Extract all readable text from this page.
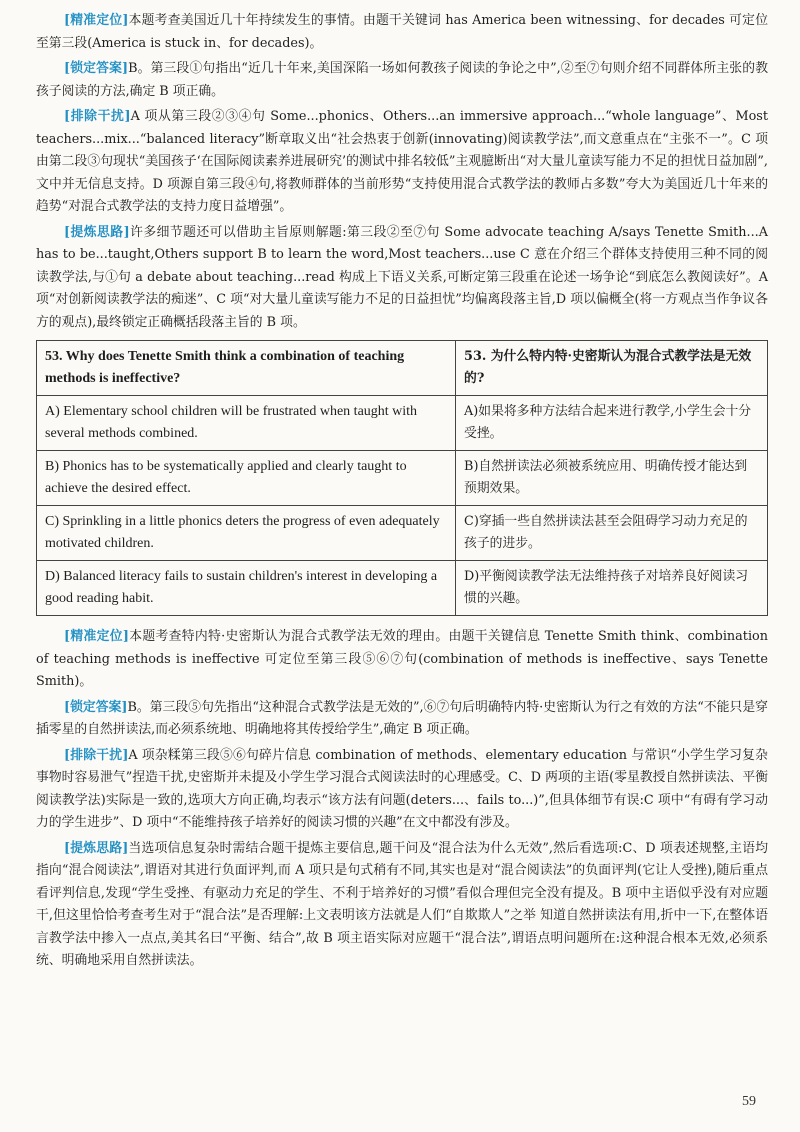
[精准定位]本题考查美国近几十年持续发生的事情。由题干关键词 has America been witnessing、for decades 可定位至第三段(America is stuck in、for decades)。

[锁定答案]B。第三段①句指出“近几十年来,美国深陷一场如何教孩子阅读的争论之中”,②至⑦句则介绍不同群体所主张的教孩子阅读的方法,确定 B 项正确。

[排除干扰]A 项从第三段②③④句 Some...phonics、Others...an immersive approach...“whole language”、Most teachers...mix...“balanced literacy”断章取义出“社会热衷于创新(innovating)阅读教学法”,而文意重点在“主张不一”。C 项由第二段③句现状“美国孩子‘在国际阅读素养进展研究’的测试中排名较低”主观臆断出“对大量儿童读写能力不足的担忧日益加剧”,文中并无信息支持。D 项源自第三段④句,将教师群体的当前形势“支持使用混合式教学法的教师占多数”夸大为美国近几十年来的趋势“对混合式教学法的支持力度日益增强”。

[提炼思路]许多细节题还可以借助主旨原则解题:第三段②至⑦句 Some advocate teaching A/says Tenette Smith...A has to be...taught,Others support B to learn the word,Most teachers...use C 意在介绍三个群体支持使用三种不同的阅读教学法,与①句 a debate about teaching...read 构成上下语义关系,可断定第三段重在论述一场争论“到底怎么教阅读好”。A 项“对创新阅读教学法的痴迷”、C 项“对大量儿童读写能力不足的日益担忧”均偏离段落主旨,D 项以偏概全(将一方观点当作争议各方的观点),最终锁定正确概括段落主旨的 B 项。

53. Why does Tenette Smith think a combination of teaching methods is ineffective?	53. 为什么特内特·史密斯认为混合式教学法是无效的?
A) Elementary school children will be frustrated when taught with several methods combined.	A)如果将多种方法结合起来进行教学,小学生会十分受挫。
B) Phonics has to be systematically applied and clearly taught to achieve the desired effect.	B)自然拼读法必须被系统应用、明确传授才能达到预期效果。
C) Sprinkling in a little phonics deters the progress of even adequately motivated children.	C)穿插一些自然拼读法甚至会阻碍学习动力充足的孩子的进步。
D) Balanced literacy fails to sustain children's interest in developing a good reading habit.	D)平衡阅读教学法无法维持孩子对培养良好阅读习惯的兴趣。

[精准定位]本题考查特内特·史密斯认为混合式教学法无效的理由。由题干关键信息 Tenette Smith think、combination of teaching methods is ineffective 可定位至第三段⑤⑥⑦句(combination of methods is ineffective、says Tenette Smith)。

[锁定答案]B。第三段⑤句先指出“这种混合式教学法是无效的”,⑥⑦句后明确特内特·史密斯认为行之有效的方法“不能只是穿插零星的自然拼读法,而必须系统地、明确地将其传授给学生”,确定 B 项正确。

[排除干扰]A 项杂糅第三段⑤⑥句碎片信息 combination of methods、elementary education 与常识“小学生学习复杂事物时容易泄气”捏造干扰,史密斯并未提及小学生学习混合式阅读法时的心理感受。C、D 两项的主语(零星教授自然拼读法、平衡阅读教学法)实际是一致的,选项大方向正确,均表示“该方法有问题(deters...、fails to...)”,但具体细节有误:C 项中“有碍有学习动力的学生进步”、D 项中“不能维持孩子培养好的阅读习惯的兴趣”在文中都没有涉及。

[提炼思路]当选项信息复杂时需结合题干提炼主要信息,题干问及“混合法为什么无效”,然后看选项:C、D 项表述规整,主语均指向“混合阅读法”,谓语对其进行负面评判,而 A 项只是句式稍有不同,其实也是对“混合阅读法”的负面评判(它让人受挫),随后重点看评判信息,发现“学生受挫、有驱动力充足的学生、不利于培养好的习惯”看似合理但完全没有提及。B 项中主语似乎没有对应题干,但这里恰恰考查考生对于“混合法”是否理解:上文表明该方法就是人们“自欺欺人”之举 知道自然拼读法有用,折中一下,在整体语言教学法中掺入一点点,美其名曰“平衡、结合”,故 B 项主语实际对应题干“混合法”,谓语点明问题所在:这种混合根本无效,必须系统、明确地采用自然拼读法。

59
